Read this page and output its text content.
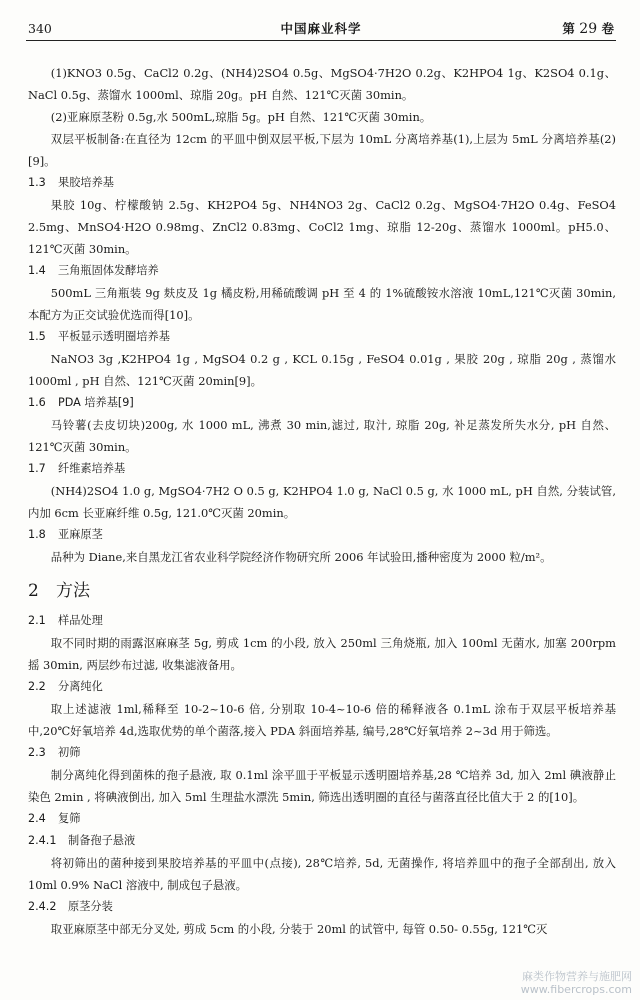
340	中国麻业科学	第 29 卷

(1)KNO3 0.5g、CaCl2 0.2g、(NH4)2SO4 0.5g、MgSO4·7H2O 0.2g、K2HPO4 1g、K2SO4 0.1g、NaCl 0.5g、蒸馏水 1000ml、琼脂 20g。pH 自然、121℃灭菌 30min。

(2)亚麻原茎粉 0.5g,水 500mL,琼脂 5g。pH 自然、121℃灭菌 30min。

双层平板制备:在直径为 12cm 的平皿中倒双层平板,下层为 10mL 分离培养基(1),上层为 5mL 分离培养基(2)[9]。

1.3 果胶培养基

果胶 10g、柠檬酸钠 2.5g、KH2PO4 5g、NH4NO3 2g、CaCl2 0.2g、MgSO4·7H2O 0.4g、FeSO4 2.5mg、MnSO4·H2O 0.98mg、ZnCl2 0.83mg、CoCl2 1mg、琼脂 12-20g、蒸馏水 1000ml。pH5.0、121℃灭菌 30min。

1.4 三角瓶固体发酵培养

500mL 三角瓶装 9g 麸皮及 1g 橘皮粉,用稀硫酸调 pH 至 4 的 1%硫酸铵水溶液 10mL,121℃灭菌 30min,本配方为正交试验优选而得[10]。

1.5 平板显示透明圈培养基

NaNO3 3g ,K2HPO4 1g , MgSO4 0.2 g , KCL 0.15g , FeSO4 0.01g , 果胶 20g , 琼脂 20g , 蒸馏水 1000ml , pH 自然、121℃灭菌 20min[9]。

1.6 PDA 培养基[9]

马铃薯(去皮切块)200g, 水 1000 mL, 沸煮 30 min,滤过, 取汁, 琼脂 20g, 补足蒸发所失水分, pH 自然、121℃灭菌 30min。

1.7 纤维素培养基

(NH4)2SO4 1.0 g, MgSO4·7H2 O 0.5 g, K2HPO4 1.0 g, NaCl 0.5 g, 水 1000 mL, pH 自然, 分装试管, 内加 6cm 长亚麻纤维 0.5g, 121.0℃灭菌 20min。

1.8 亚麻原茎

品种为 Diane,来自黑龙江省农业科学院经济作物研究所 2006 年试验田,播种密度为 2000 粒/m²。

2 方法

2.1 样品处理

取不同时期的雨露沤麻麻茎 5g, 剪成 1cm 的小段, 放入 250ml 三角烧瓶, 加入 100ml 无菌水, 加塞 200rpm 摇 30min, 两层纱布过滤, 收集滤液备用。

2.2 分离纯化

取上述滤液 1ml,稀释至 10-2~10-6 倍, 分别取 10-4~10-6 倍的稀释液各 0.1mL 涂布于双层平板培养基中,20℃好氧培养 4d,选取优势的单个菌落,接入 PDA 斜面培养基, 编号,28℃好氧培养 2~3d 用于筛选。

2.3 初筛

制分离纯化得到菌株的孢子悬液, 取 0.1ml 涂平皿于平板显示透明圈培养基,28 ℃培养 3d, 加入 2ml 碘液静止染色 2min , 将碘液倒出, 加入 5ml 生理盐水漂洗 5min, 筛选出透明圈的直径与菌落直径比值大于 2 的[10]。

2.4 复筛

2.4.1 制备孢子悬液

将初筛出的菌种接到果胶培养基的平皿中(点接), 28℃培养, 5d, 无菌操作, 将培养皿中的孢子全部刮出, 放入 10ml 0.9% NaCl 溶液中, 制成包子悬液。

2.4.2 原茎分装

取亚麻原茎中部无分叉处, 剪成 5cm 的小段, 分装于 20ml 的试管中, 每管 0.50- 0.55g, 121℃灭

麻类作物营养与施肥网
www.fibercrops.com
